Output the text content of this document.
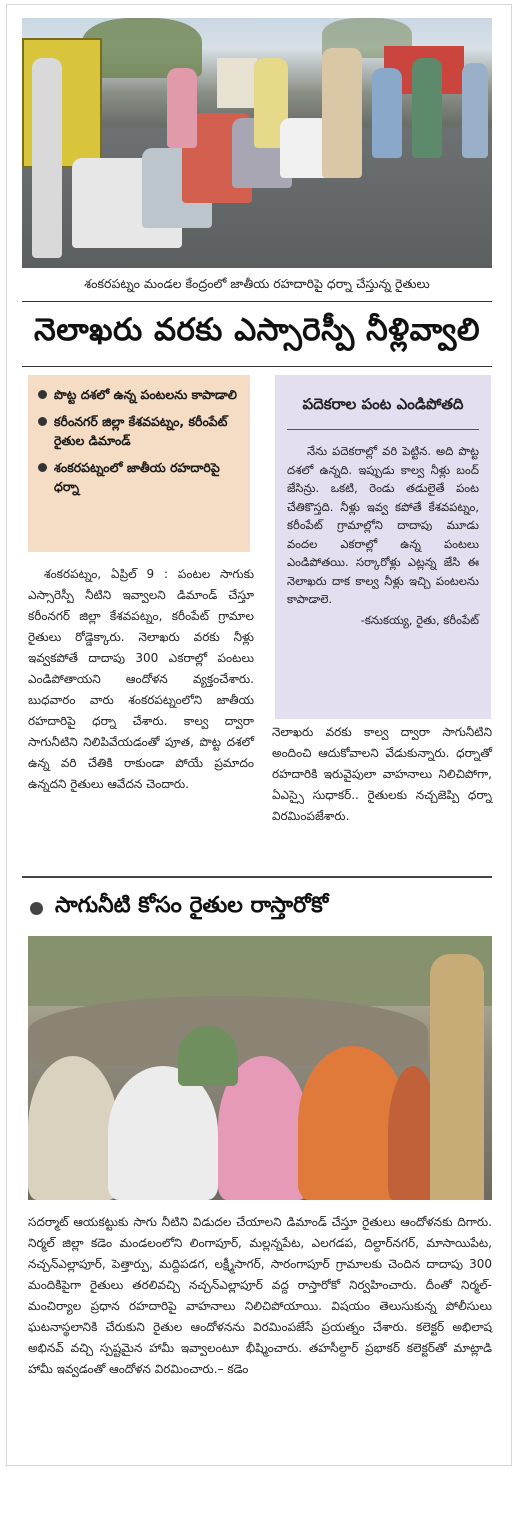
శంకరపట్నం మండల కేంద్రంలో జాతీయ రహదారిపై ధర్నా చేస్తున్న రైతులు
నెలాఖరు వరకు ఎస్సారెస్పీ నీళ్లివ్వాలి
పొట్ట దశలో ఉన్న పంటలను కాపాడాలి
కరీంనగర్ జిల్లా కేశవపట్నం, కరీంపేట్ రైతుల డిమాండ్
శంకరపట్నంలో జాతీయ రహదారిపై ధర్నా
పదెకరాల పంట ఎండిపోతది
నేను పదెకరాల్లో వరి పెట్టిన. అది పొట్ట దశలో ఉన్నది. ఇప్పుడు కాల్వ నీళ్లు బంద్ జేసిన్రు. ఒకటి, రెండు తడులైతే పంట చేతికొస్తది. నీళ్లు ఇవ్వ కపోతే కేశవపట్నం, కరీంపేట్ గ్రామాల్లోని దాదాపు మూడు వందల ఎకరాల్లో ఉన్న పంటలు ఎండిపోతయి. సర్కారోళ్లు ఎట్లన్న జేసి ఈ నెలాఖరు దాక కాల్వ నీళ్లు ఇచ్చి పంటలను కాపాడాలె.
-కనుకయ్య, రైతు, కరీంపేట్
శంకరపట్నం, ఏప్రిల్ 9 : పంటల సాగుకు ఎస్సారెస్పీ నీటిని ఇవ్వాలని డిమాండ్ చేస్తూ కరీంనగర్ జిల్లా కేశవపట్నం, కరీంపేట్ గ్రామాల రైతులు రోడ్డెక్కారు. నెలాఖరు వరకు నీళ్లు ఇవ్వకపోతే దాదాపు 300 ఎకరాల్లో పంటలు ఎండిపోతాయని ఆందోళన వ్యక్తంచేశారు. బుధవారం వారు శంకరపట్నంలోని జాతీయ రహదారిపై ధర్నా చేశారు. కాల్వ ద్వారా సాగునీటిని నిలిపివేయడంతో పూత, పొట్ట దశలో ఉన్న వరి చేతికి రాకుండా పోయే ప్రమాదం ఉన్నదని రైతులు ఆవేదన చెందారు.
నెలాఖరు వరకు కాల్వ ద్వారా సాగునీటిని అందించి ఆదుకోవాలని వేడుకున్నారు. ధర్నాతో రహదారికి ఇరువైపులా వాహనాలు నిలిచిపోగా, ఏఎస్సై సుధాకర్.. రైతులకు నచ్చజెప్పి ధర్నా విరమింపజేశారు.
సాగునీటి కోసం రైతుల రాస్తారోకో
సదర్మాట్ ఆయకట్టుకు సాగు నీటిని విడుదల చేయాలని డిమాండ్ చేస్తూ రైతులు ఆందోళనకు దిగారు. నిర్మల్ జిల్లా కడెం మండలంలోని లింగాపూర్, మల్లన్నపేట, ఎలగడప, దిల్దార్‌నగర్, మాసాయిపేట, నచ్చన్‌ఎల్లాపూర్, పెత్తార్పు, మద్దిపడగ, లక్ష్మీసాగర్, సారంగాపూర్ గ్రామాలకు చెందిన దాదాపు 300 మందికిపైగా రైతులు తరలివచ్చి నచ్చన్‌ఎల్లాపూర్ వద్ద రాస్తారోకో నిర్వహించారు. దీంతో నిర్మల్-మంచిర్యాల ప్రధాన రహదారిపై వాహనాలు నిలిచిపోయాయి. విషయం తెలుసుకున్న పోలీసులు ఘటనాస్థలానికి చేరుకుని రైతుల ఆందోళనను విరమింపజేసే ప్రయత్నం చేశారు. కలెక్టర్ అభిలాష అభినవ్ వచ్చి స్పష్టమైన హామీ ఇవ్వాలంటూ భీష్మించారు. తహసీల్దార్ ప్రభాకర్ కలెక్టర్‌తో మాట్లాడి హామీ ఇవ్వడంతో ఆందోళన విరమించారు.– కడెం
